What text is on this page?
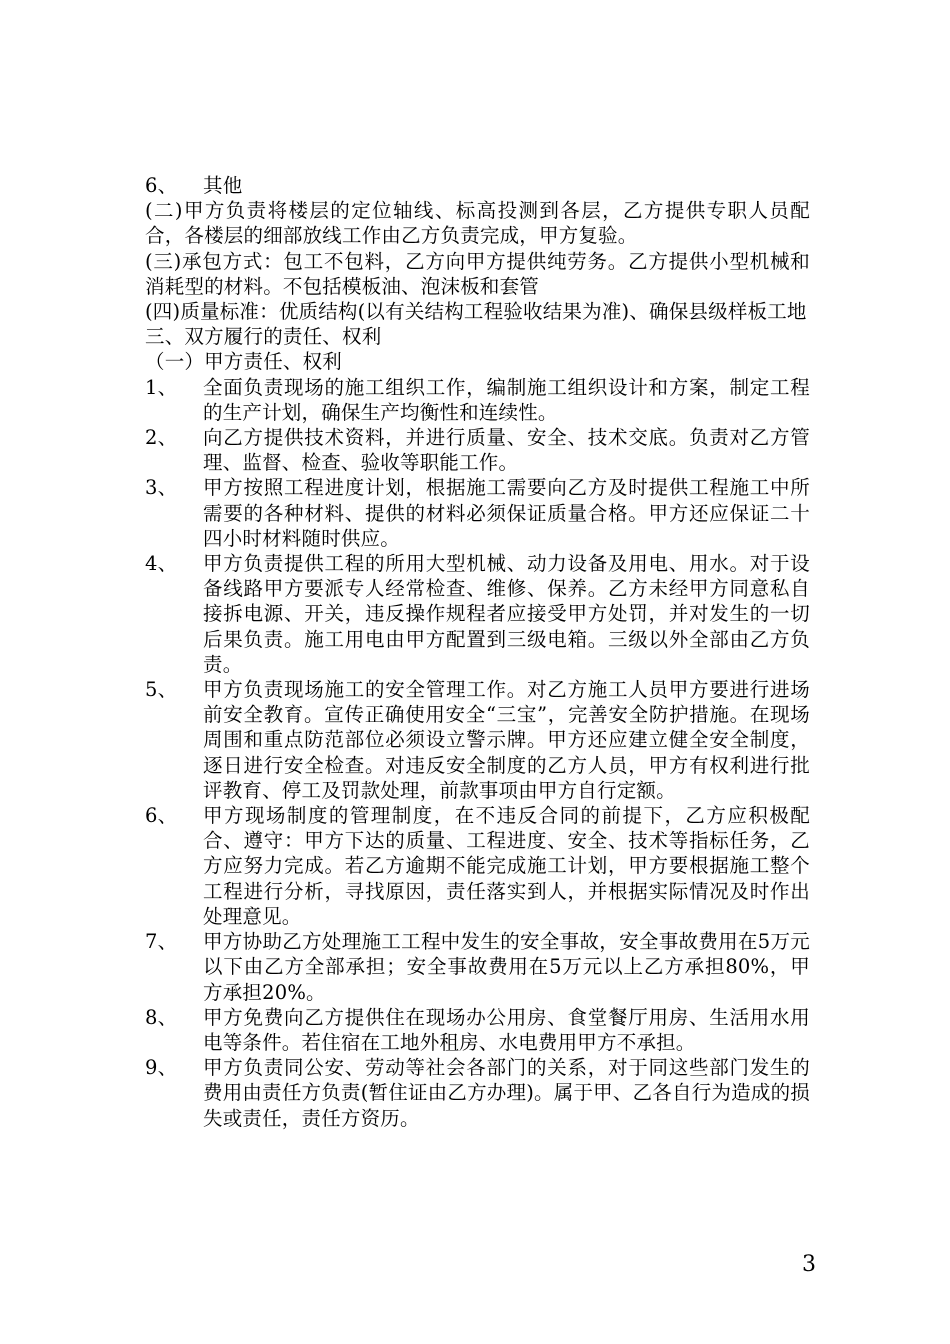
6、	其他

(二)甲方负责将楼层的定位轴线、标高投测到各层，乙方提供专职人员配合，各楼层的细部放线工作由乙方负责完成，甲方复验。

(三)承包方式：包工不包料，乙方向甲方提供纯劳务。乙方提供小型机械和消耗型的材料。不包括模板油、泡沫板和套管

(四)质量标准：优质结构(以有关结构工程验收结果为准)、确保县级样板工地

三、双方履行的责任、权利

（一）甲方责任、权利

1、	全面负责现场的施工组织工作，编制施工组织设计和方案，制定工程的生产计划，确保生产均衡性和连续性。
2、	向乙方提供技术资料，并进行质量、安全、技术交底。负责对乙方管理、监督、检查、验收等职能工作。
3、	甲方按照工程进度计划，根据施工需要向乙方及时提供工程施工中所需要的各种材料、提供的材料必须保证质量合格。甲方还应保证二十四小时材料随时供应。
4、	甲方负责提供工程的所用大型机械、动力设备及用电、用水。对于设备线路甲方要派专人经常检查、维修、保养。乙方未经甲方同意私自接拆电源、开关，违反操作规程者应接受甲方处罚，并对发生的一切后果负责。施工用电由甲方配置到三级电箱。三级以外全部由乙方负责。
5、	甲方负责现场施工的安全管理工作。对乙方施工人员甲方要进行进场前安全教育。宣传正确使用安全“三宝”，完善安全防护措施。在现场周围和重点防范部位必须设立警示牌。甲方还应建立健全安全制度，逐日进行安全检查。对违反安全制度的乙方人员，甲方有权利进行批评教育、停工及罚款处理，前款事项由甲方自行定额。
6、	甲方现场制度的管理制度，在不违反合同的前提下，乙方应积极配合、遵守：甲方下达的质量、工程进度、安全、技术等指标任务，乙方应努力完成。若乙方逾期不能完成施工计划，甲方要根据施工整个工程进行分析，寻找原因，责任落实到人，并根据实际情况及时作出处理意见。
7、	甲方协助乙方处理施工工程中发生的安全事故，安全事故费用在5万元以下由乙方全部承担；安全事故费用在5万元以上乙方承担80%，甲方承担20%。
8、	甲方免费向乙方提供住在现场办公用房、食堂餐厅用房、生活用水用电等条件。若住宿在工地外租房、水电费用甲方不承担。
9、	甲方负责同公安、劳动等社会各部门的关系，对于同这些部门发生的费用由责任方负责(暂住证由乙方办理)。属于甲、乙各自行为造成的损失或责任，责任方资历。
3
